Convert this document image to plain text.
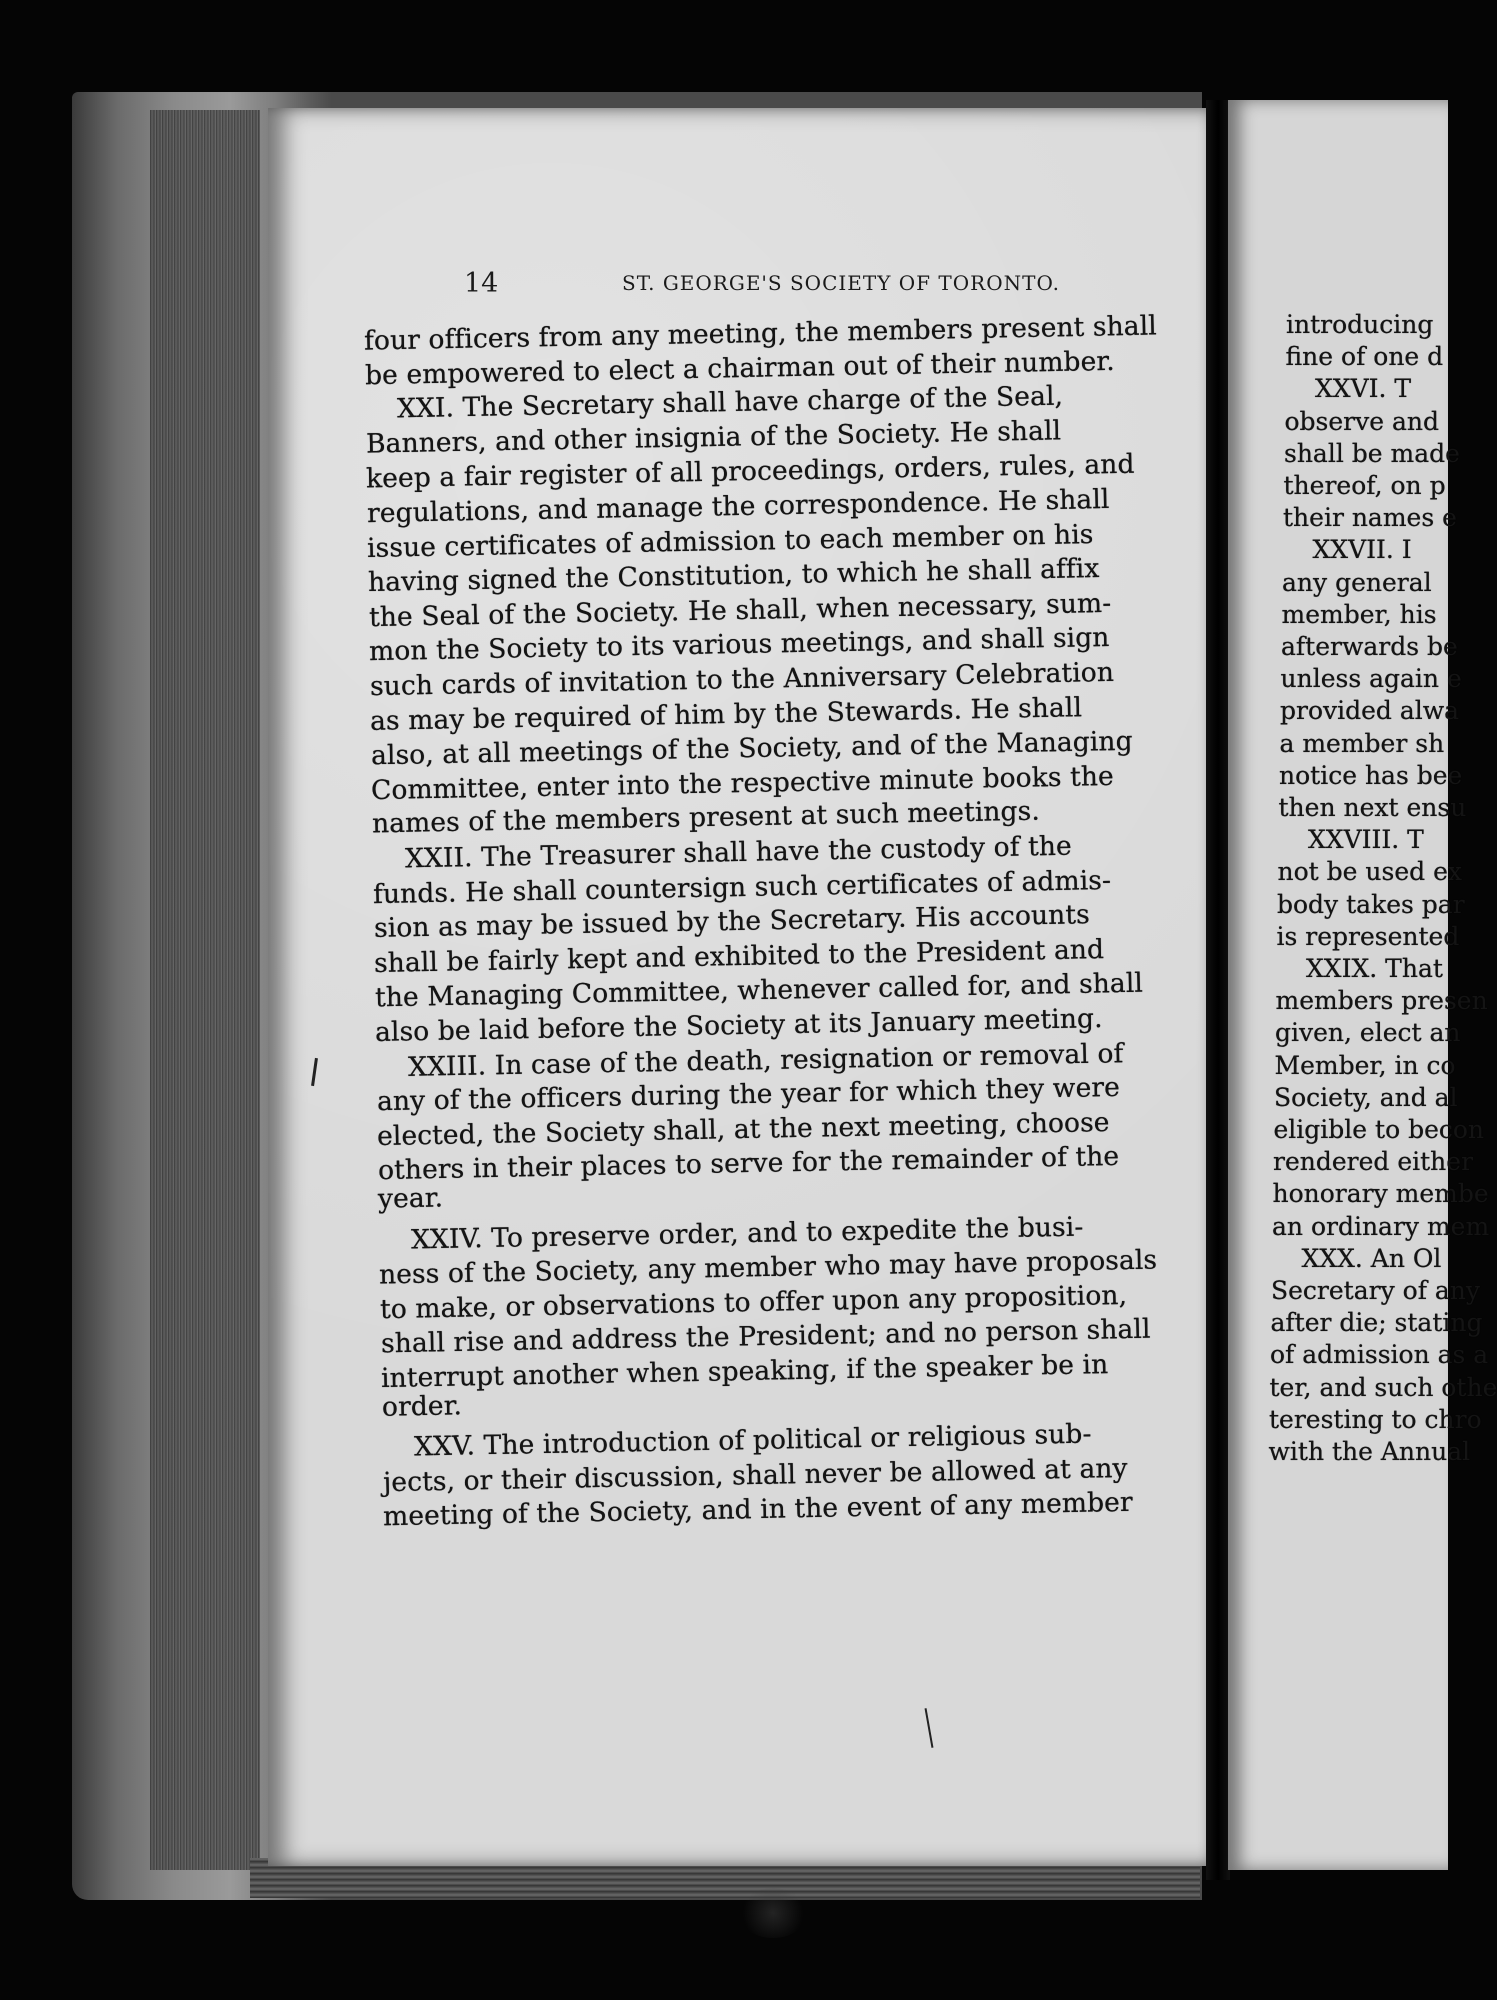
14	ST. GEORGE'S SOCIETY OF TORONTO.
four officers from any meeting, the members present shall
be empowered to elect a chairman out of their number.
XXI. The Secretary shall have charge of the Seal,
Banners, and other insignia of the Society. He shall
keep a fair register of all proceedings, orders, rules, and
regulations, and manage the correspondence. He shall
issue certificates of admission to each member on his
having signed the Constitution, to which he shall affix
the Seal of the Society. He shall, when necessary, sum-
mon the Society to its various meetings, and shall sign
such cards of invitation to the Anniversary Celebration
as may be required of him by the Stewards. He shall
also, at all meetings of the Society, and of the Managing
Committee, enter into the respective minute books the
names of the members present at such meetings.
XXII. The Treasurer shall have the custody of the
funds. He shall countersign such certificates of admis-
sion as may be issued by the Secretary. His accounts
shall be fairly kept and exhibited to the President and
the Managing Committee, whenever called for, and shall
also be laid before the Society at its January meeting.
XXIII. In case of the death, resignation or removal of
any of the officers during the year for which they were
elected, the Society shall, at the next meeting, choose
others in their places to serve for the remainder of the
year.
XXIV. To preserve order, and to expedite the busi-
ness of the Society, any member who may have proposals
to make, or observations to offer upon any proposition,
shall rise and address the President; and no person shall
interrupt another when speaking, if the speaker be in
order.
XXV. The introduction of political or religious sub-
jects, or their discussion, shall never be allowed at any
meeting of the Society, and in the event of any member
introducing
fine of one d
XXVI. T
observe and
shall be made
thereof, on p
their names e
XXVII. I
any general
member, his
afterwards be
unless again e
provided alwa
a member sh
notice has bee
then next ensu
XXVIII. T
not be used ex
body takes par
is represented
XXIX. That
members presen
given, elect an
Member, in co
Society, and al
eligible to becon
rendered either
honorary membe
an ordinary mem
XXX. An Ol
Secretary of any
after die; stating
of admission as a
ter, and such othe
teresting to chro
with the Annual
